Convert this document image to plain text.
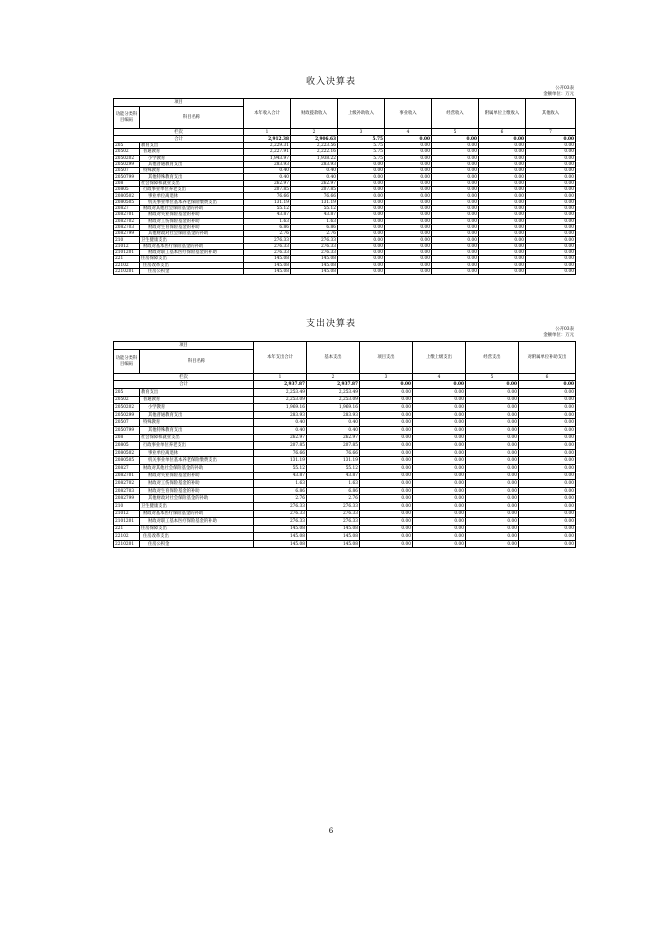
收入决算表
公开03表
金额单位：万元
项目		本年收入合计	财政拨款收入	上级补助收入	事业收入	经营收入	附属单位上缴收入	其他收入
功能分类科目编码	科目名称							
栏次		1	2	3	4	5	6	7
合计		2,912.38	2,906.63	5.75	0.00	0.00	0.00	0.00
205	教育支出	2,229.31	2,223.56	5.75	0.00	0.00	0.00	0.00
20502	普通教育	2,227.91	2,222.16	5.75	0.00	0.00	0.00	0.00
2050202	小学教育	1,943.97	1,938.22	5.75	0.00	0.00	0.00	0.00
2050299	其他普通教育支出	283.93	283.93	0.00	0.00	0.00	0.00	0.00
20507	特殊教育	0.40	0.40	0.00	0.00	0.00	0.00	0.00
2050799	其他特殊教育支出	0.40	0.40	0.00	0.00	0.00	0.00	0.00
208	社会保障和就业支出	262.97	262.97	0.00	0.00	0.00	0.00	0.00
20805	行政事业单位养老支出	207.85	207.85	0.00	0.00	0.00	0.00	0.00
2080502	事业单位离退休	76.66	76.66	0.00	0.00	0.00	0.00	0.00
2080505	机关事业单位基本养老保险缴费支出	131.19	131.19	0.00	0.00	0.00	0.00	0.00
20827	财政对其他社会保险基金的补助	55.12	55.12	0.00	0.00	0.00	0.00	0.00
2082701	财政对失业保险基金的补助	43.87	43.87	0.00	0.00	0.00	0.00	0.00
2082702	财政对工伤保险基金的补助	1.63	1.63	0.00	0.00	0.00	0.00	0.00
2082703	财政对生育保险基金的补助	6.86	6.86	0.00	0.00	0.00	0.00	0.00
2082799	其他财政对社会保险基金的补助	2.76	2.76	0.00	0.00	0.00	0.00	0.00
210	卫生健康支出	276.33	276.33	0.00	0.00	0.00	0.00	0.00
21012	财政对基本医疗保险基金的补助	276.33	276.33	0.00	0.00	0.00	0.00	0.00
2101201	财政对职工基本医疗保险基金的补助	276.33	276.33	0.00	0.00	0.00	0.00	0.00
221	住房保障支出	145.08	145.08	0.00	0.00	0.00	0.00	0.00
22102	住房改革支出	145.08	145.08	0.00	0.00	0.00	0.00	0.00
2210201	住房公积金	145.08	145.08	0.00	0.00	0.00	0.00	0.00
支出决算表
公开03表
金额单位：万元
项目		本年支出合计	基本支出	项目支出	上缴上级支出	经营支出	对附属单位补助支出
功能分类科目编码	科目名称						
栏次		1	2	3	4	5	6
合计		2,937.87	2,937.87	0.00	0.00	0.00	0.00
205	教育支出	2,253.49	2,253.49	0.00	0.00	0.00	0.00
20502	普通教育	2,253.09	2,253.09	0.00	0.00	0.00	0.00
2050202	小学教育	1,969.16	1,969.16	0.00	0.00	0.00	0.00
2050299	其他普通教育支出	283.93	283.93	0.00	0.00	0.00	0.00
20507	特殊教育	0.40	0.40	0.00	0.00	0.00	0.00
2050799	其他特殊教育支出	0.40	0.40	0.00	0.00	0.00	0.00
208	社会保障和就业支出	262.97	262.97	0.00	0.00	0.00	0.00
20805	行政事业单位养老支出	207.85	207.85	0.00	0.00	0.00	0.00
2080502	事业单位离退休	76.66	76.66	0.00	0.00	0.00	0.00
2080505	机关事业单位基本养老保险缴费支出	131.19	131.19	0.00	0.00	0.00	0.00
20827	财政对其他社会保险基金的补助	55.12	55.12	0.00	0.00	0.00	0.00
2082701	财政对失业保险基金的补助	43.87	43.87	0.00	0.00	0.00	0.00
2082702	财政对工伤保险基金的补助	1.63	1.63	0.00	0.00	0.00	0.00
2082703	财政对生育保险基金的补助	6.86	6.86	0.00	0.00	0.00	0.00
2082799	其他财政对社会保险基金的补助	2.76	2.76	0.00	0.00	0.00	0.00
210	卫生健康支出	276.33	276.33	0.00	0.00	0.00	0.00
21012	财政对基本医疗保险基金的补助	276.33	276.33	0.00	0.00	0.00	0.00
2101201	财政对职工基本医疗保险基金的补助	276.33	276.33	0.00	0.00	0.00	0.00
221	住房保障支出	145.08	145.08	0.00	0.00	0.00	0.00
22102	住房改革支出	145.08	145.08	0.00	0.00	0.00	0.00
2210201	住房公积金	145.08	145.08	0.00	0.00	0.00	0.00
6
